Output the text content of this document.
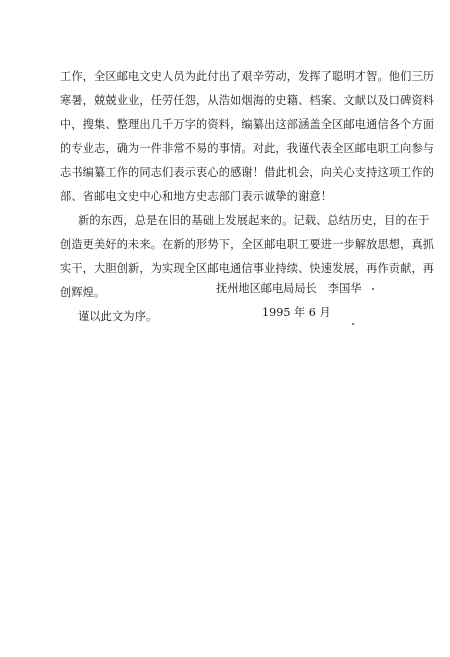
工作，全区邮电文史人员为此付出了艰辛劳动，发挥了聪明才智。他们三历
寒暑，兢兢业业，任劳任怨，从浩如烟海的史籍、档案、文献以及口碑资料
中，搜集、整理出几千万字的资料，编纂出这部涵盖全区邮电通信各个方面
的专业志，确为一件非常不易的事情。对此，我谨代表全区邮电职工向参与
志书编纂工作的同志们表示衷心的感谢！借此机会，向关心支持这项工作的
部、省邮电文史中心和地方史志部门表示诚挚的谢意！
新的东西，总是在旧的基础上发展起来的。记载、总结历史，目的在于
创造更美好的未来。在新的形势下，全区邮电职工要进一步解放思想，真抓
实干，大胆创新，为实现全区邮电通信事业持续、快速发展，再作贡献，再
创辉煌。
谨以此文为序。
抚州地区邮电局局长　李国华
1995 年 6 月
